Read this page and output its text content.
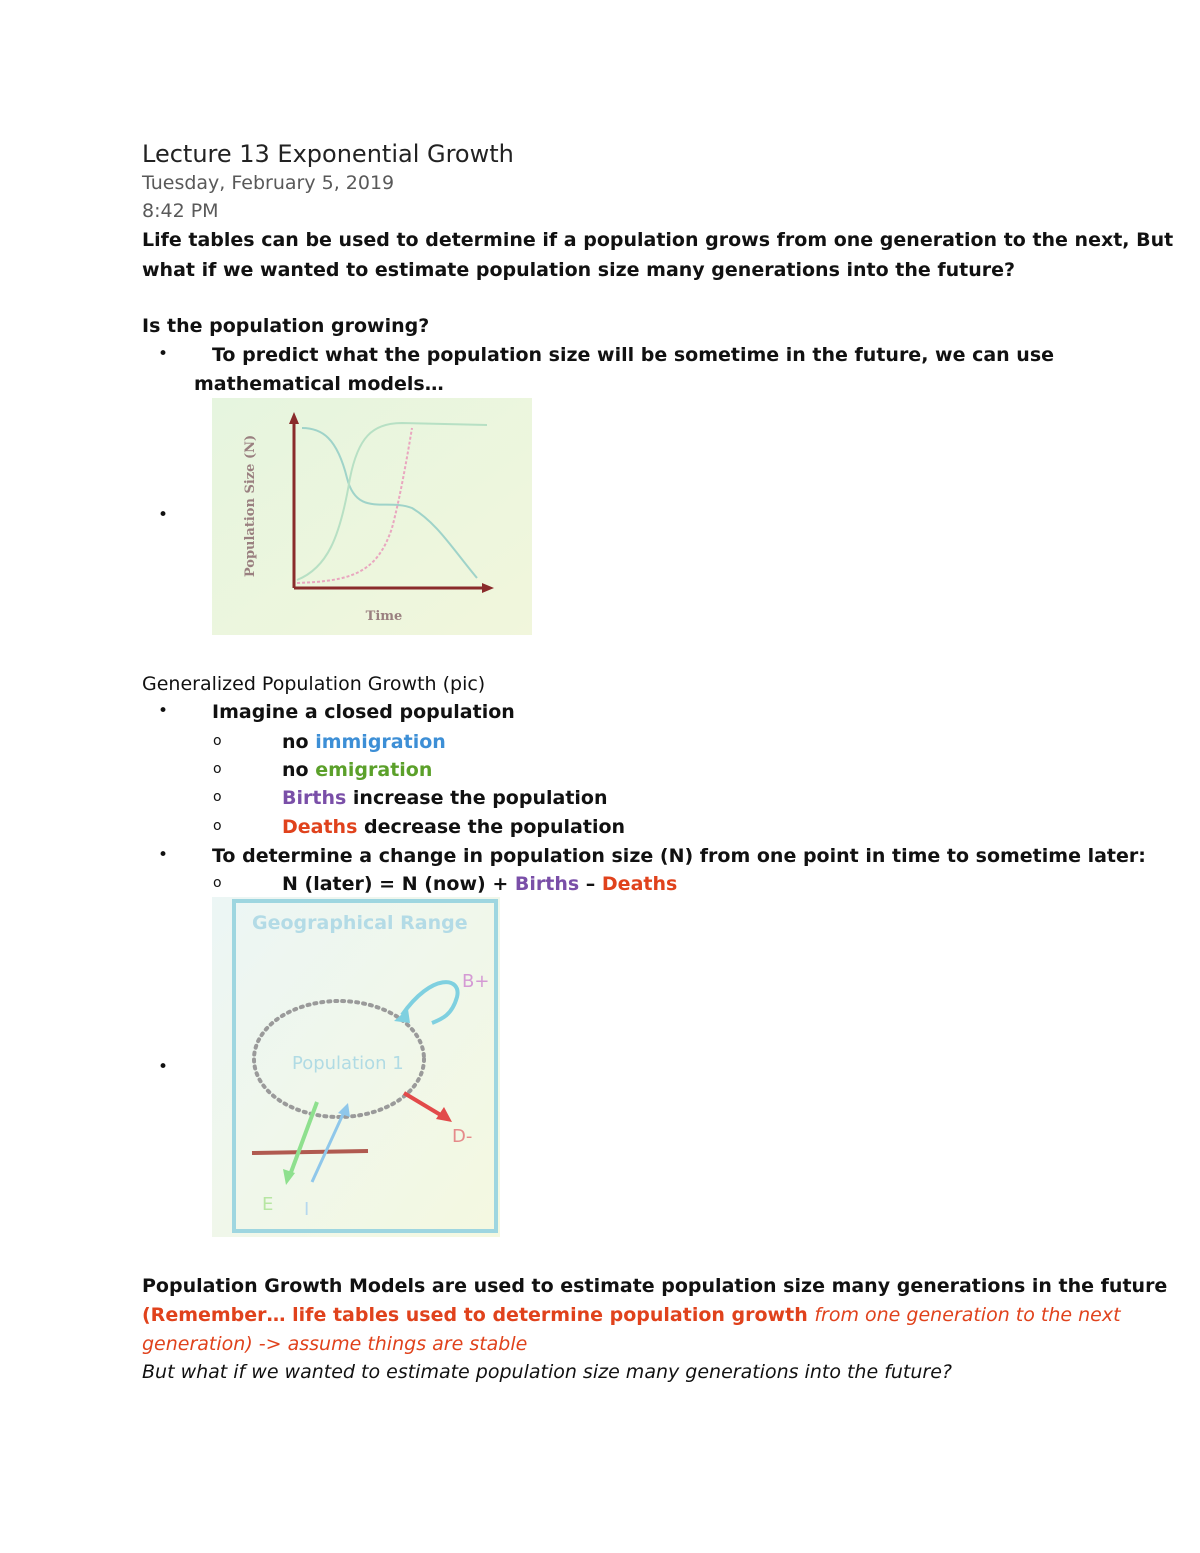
Lecture 13 Exponential Growth
Tuesday, February 5, 2019
8:42 PM
Life tables can be used to determine if a population grows from one generation to the next, But
what if we wanted to estimate population size many generations into the future?
Is the population growing?
• To predict what the population size will be sometime in the future, we can use
mathematical models…
•	Population Size (N)
Time
Generalized Population Growth (pic)
• Imagine a closed population
o	no immigration
o	no emigration
o	Births increase the population
o	Deaths decrease the population
• To determine a change in population size (N) from one point in time to sometime later:
o	N (later) = N (now) + Births – Deaths
•
Geographical Range
Population 1
B+
D-
E I
Population Growth Models are used to estimate population size many generations in the future
(Remember… life tables used to determine population growth from one generation to the next
generation) -> assume things are stable
But what if we wanted to estimate population size many generations into the future?
